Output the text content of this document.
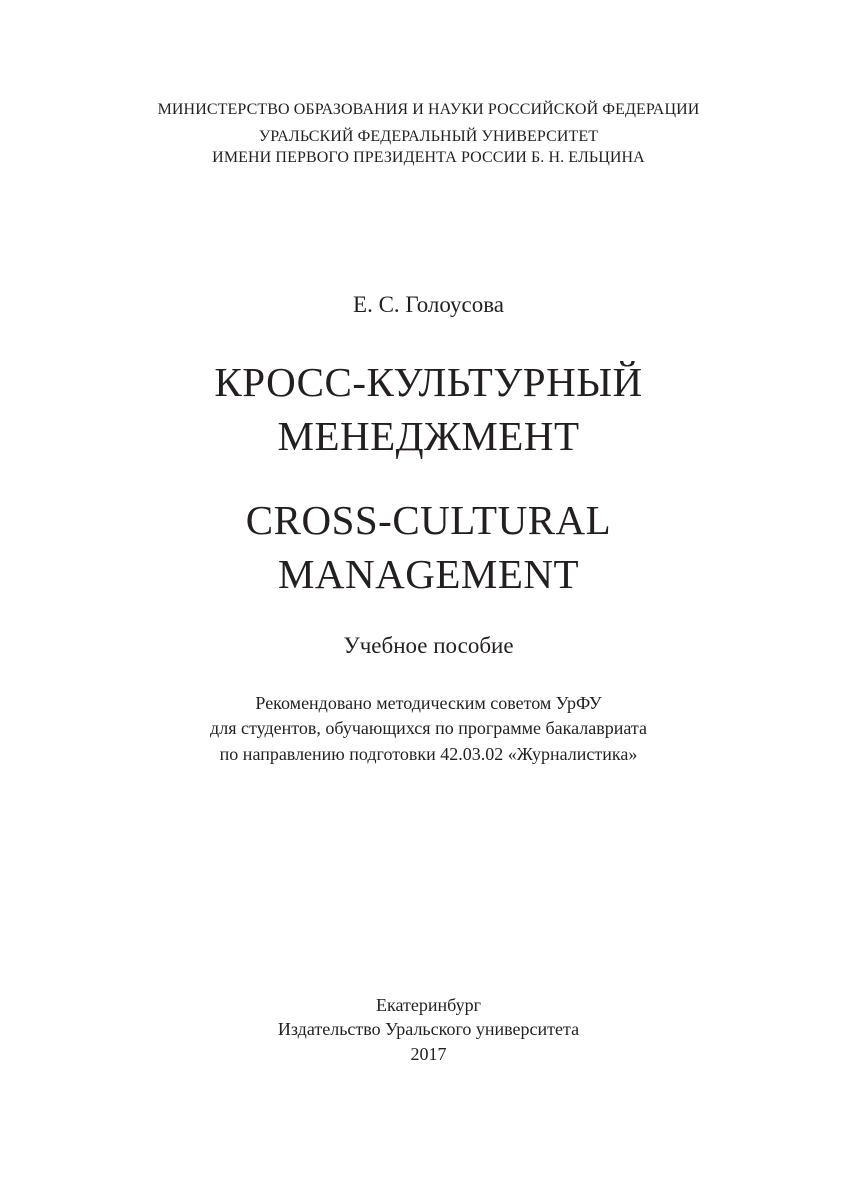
МИНИСТЕРСТВО ОБРАЗОВАНИЯ И НАУКИ РОССИЙСКОЙ ФЕДЕРАЦИИ
УРАЛЬСКИЙ ФЕДЕРАЛЬНЫЙ УНИВЕРСИТЕТ
ИМЕНИ ПЕРВОГО ПРЕЗИДЕНТА РОССИИ Б. Н. ЕЛЬЦИНА
Е. С. Голоусова
КРОСС-КУЛЬТУРНЫЙ
МЕНЕДЖМЕНТ
CROSS-CULTURAL
MANAGEMENT
Учебное пособие
Рекомендовано методическим советом УрФУ
для студентов, обучающихся по программе бакалавриата
по направлению подготовки 42.03.02 «Журналистика»
Екатеринбург
Издательство Уральского университета
2017
